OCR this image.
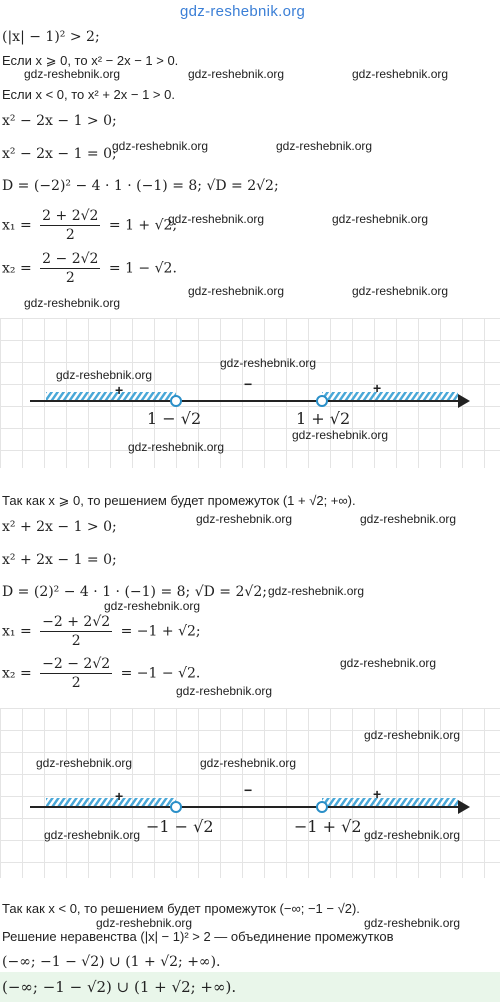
gdz-reshebnik.org
(|x| − 1)² > 2;
Если x ⩾ 0, то x² − 2x − 1 > 0.
Если x < 0, то x² + 2x − 1 > 0.
x² − 2x − 1 > 0;
x² − 2x − 1 = 0;
D = (−2)² − 4 · 1 · (−1) = 8; √D = 2√2;
$x_1 = \frac{2 + 2√2}{2} = 1 + √2$;
$x_2 = \frac{2 - 2√2}{2} = 1 - √2$.
+	−	+
1 − √2	1 + √2
Так как x ⩾ 0, то решением будет промежуток (1 + √2; +∞).
x² + 2x − 1 > 0;
x² + 2x − 1 = 0;
D = (2)² − 4 · 1 · (−1) = 8; √D = 2√2;
$x_1 = \frac{-2 + 2√2}{2} = -1 + √2$;
$x_2 = \frac{-2 - 2√2}{2} = -1 - √2$.
+	−	+
−1 − √2	−1 + √2
Так как x < 0, то решением будет промежуток (−∞; −1 − √2).
Решение неравенства (|x| − 1)² > 2 — объединение промежутков
(−∞; −1 − √2) ∪ (1 + √2; +∞).
(−∞; −1 − √2) ∪ (1 + √2; +∞).
gdz-reshebnik.org	gdz-reshebnik.org	gdz-reshebnik.org
gdz-reshebnik.org	gdz-reshebnik.org
gdz-reshebnik.org	gdz-reshebnik.org
gdz-reshebnik.org	gdz-reshebnik.org
gdz-reshebnik.org
gdz-reshebnik.org
gdz-reshebnik.org
gdz-reshebnik.org
gdz-reshebnik.org
gdz-reshebnik.org	gdz-reshebnik.org
gdz-reshebnik.org
gdz-reshebnik.org
gdz-reshebnik.org
gdz-reshebnik.org
gdz-reshebnik.org
gdz-reshebnik.org	gdz-reshebnik.org
gdz-reshebnik.org	gdz-reshebnik.org
gdz-reshebnik.org	gdz-reshebnik.org
